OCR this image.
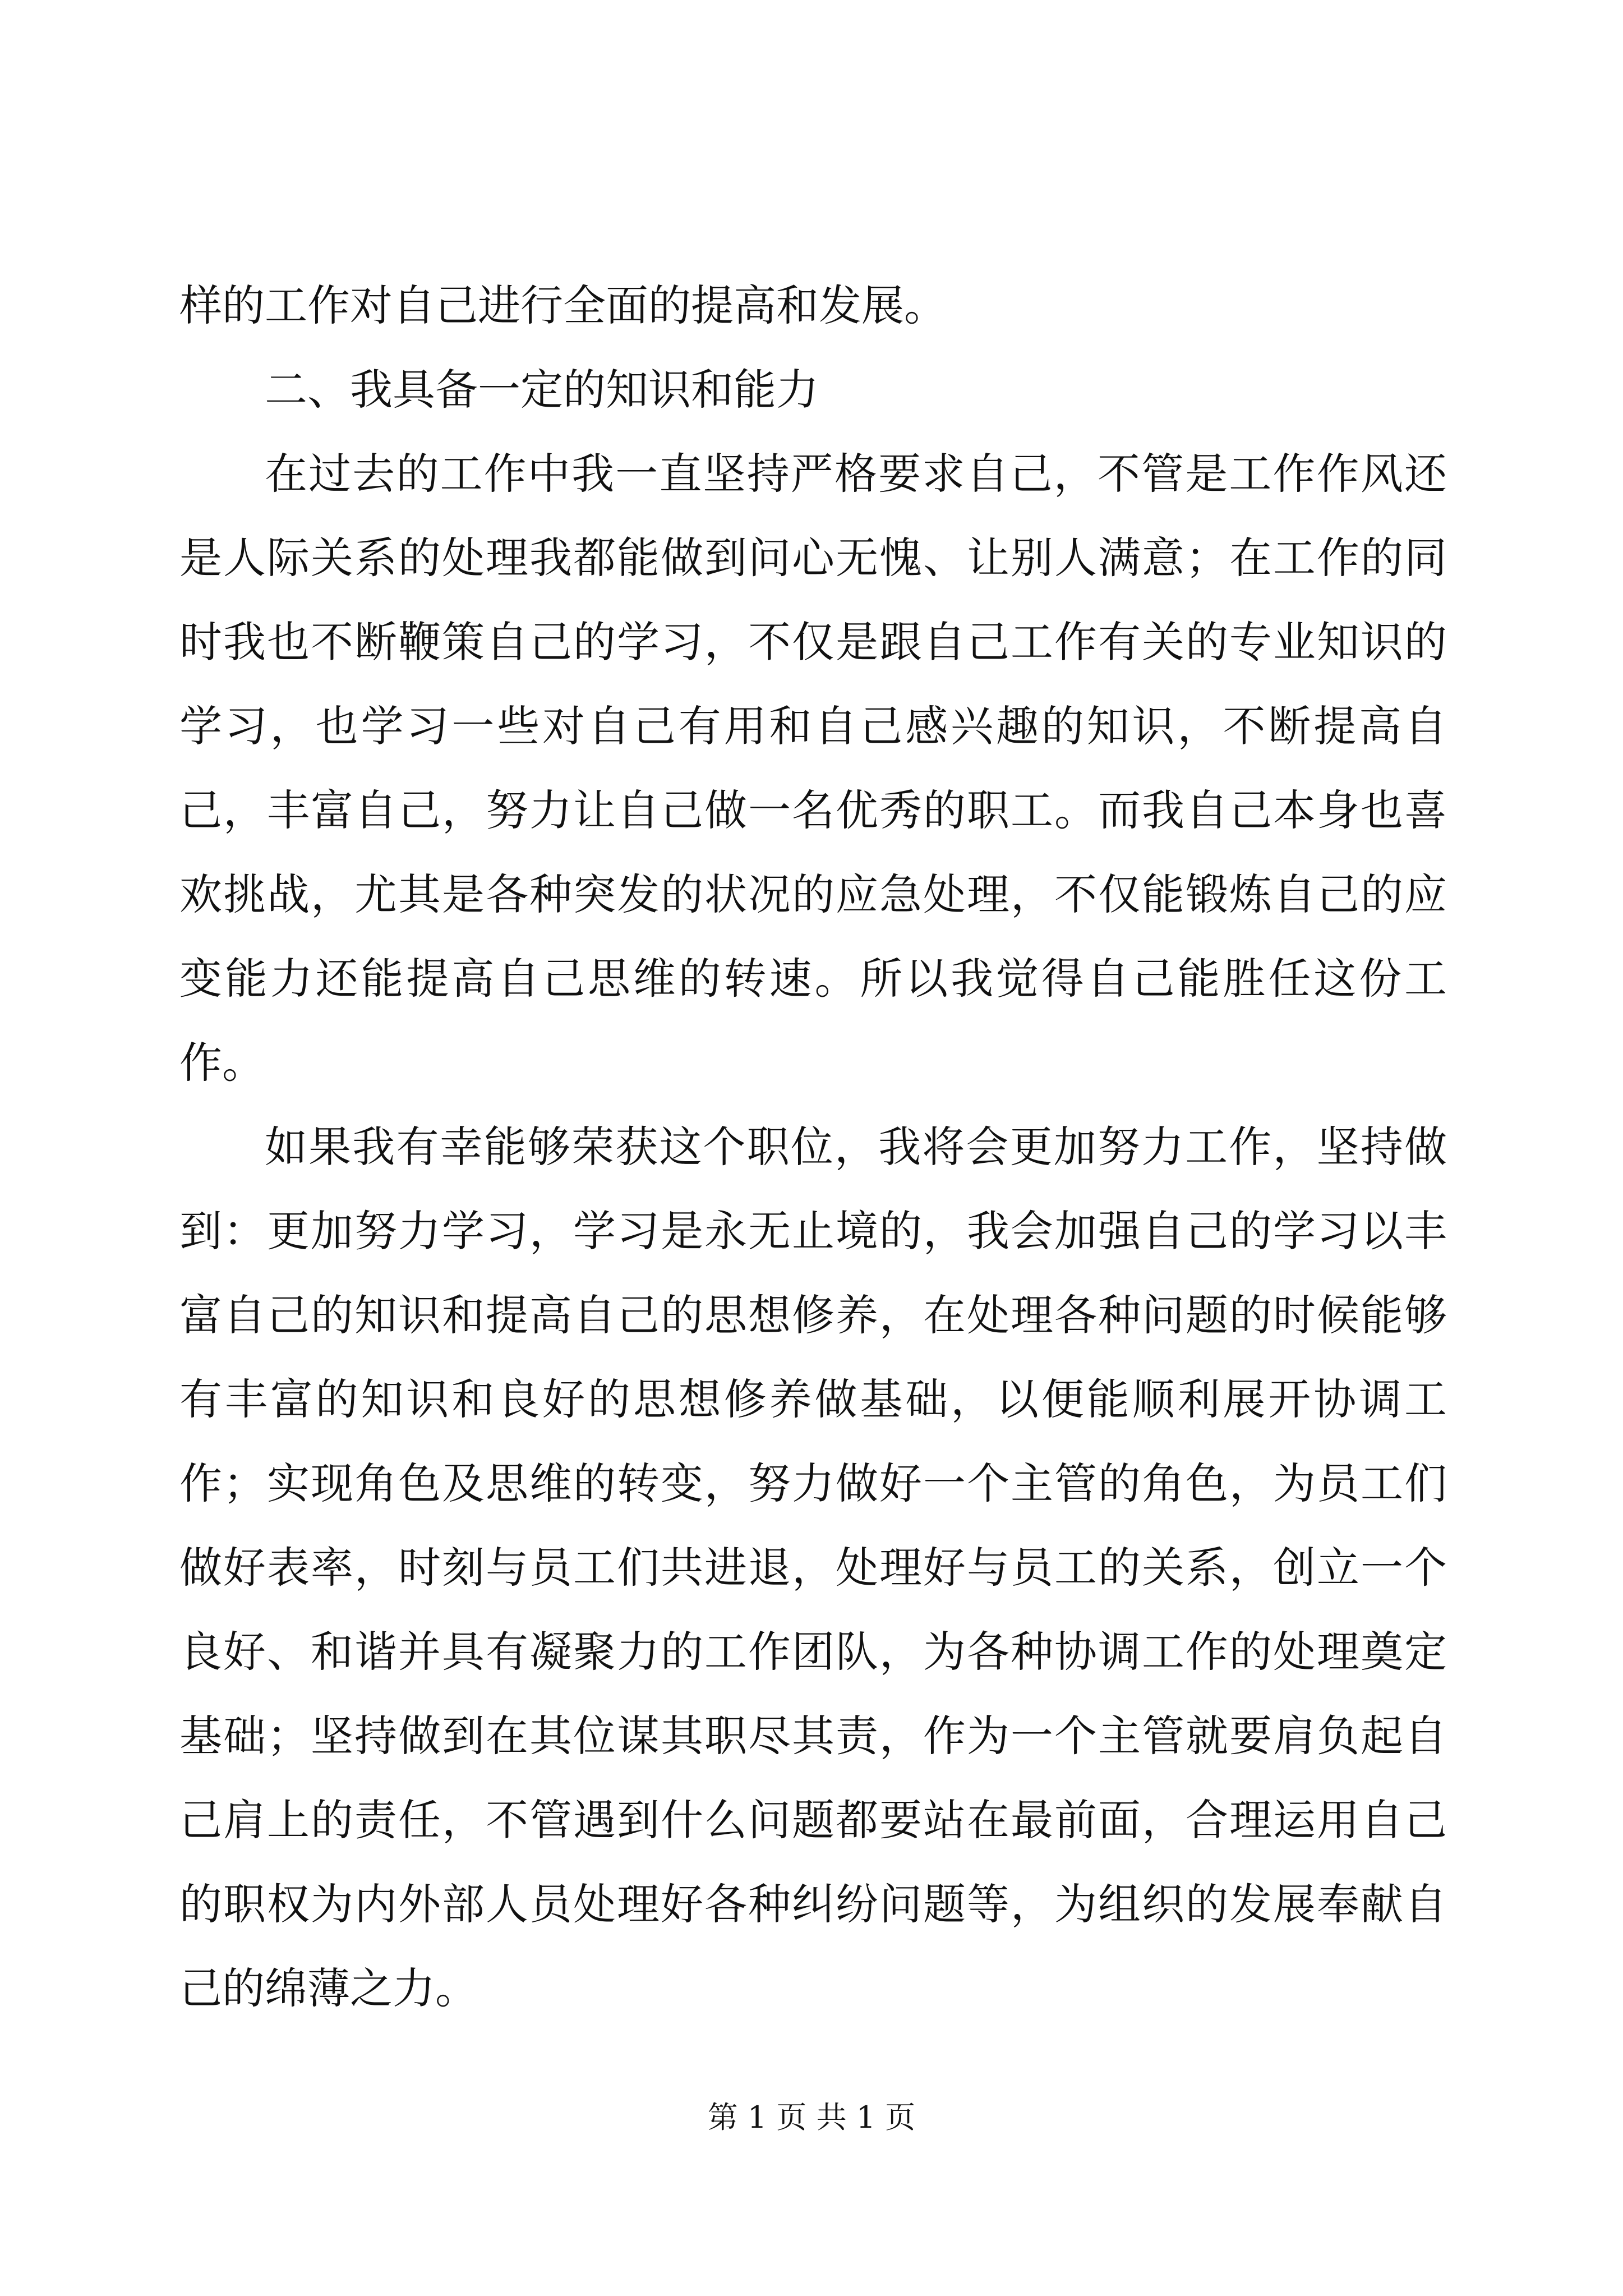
样的工作对自己进行全面的提高和发展。

二、我具备一定的知识和能力

在过去的工作中我一直坚持严格要求自己，不管是工作作风还是人际关系的处理我都能做到问心无愧、让别人满意；在工作的同时我也不断鞭策自己的学习，不仅是跟自己工作有关的专业知识的学习，也学习一些对自己有用和自己感兴趣的知识，不断提高自己，丰富自己，努力让自己做一名优秀的职工。而我自己本身也喜欢挑战，尤其是各种突发的状况的应急处理，不仅能锻炼自己的应变能力还能提高自己思维的转速。所以我觉得自己能胜任这份工作。

如果我有幸能够荣获这个职位，我将会更加努力工作，坚持做到：更加努力学习，学习是永无止境的，我会加强自己的学习以丰富自己的知识和提高自己的思想修养，在处理各种问题的时候能够有丰富的知识和良好的思想修养做基础，以便能顺利展开协调工作；实现角色及思维的转变，努力做好一个主管的角色，为员工们做好表率，时刻与员工们共进退，处理好与员工的关系，创立一个良好、和谐并具有凝聚力的工作团队，为各种协调工作的处理奠定基础；坚持做到在其位谋其职尽其责，作为一个主管就要肩负起自己肩上的责任，不管遇到什么问题都要站在最前面，合理运用自己的职权为内外部人员处理好各种纠纷问题等，为组织的发展奉献自己的绵薄之力。

第 1 页 共 1 页
